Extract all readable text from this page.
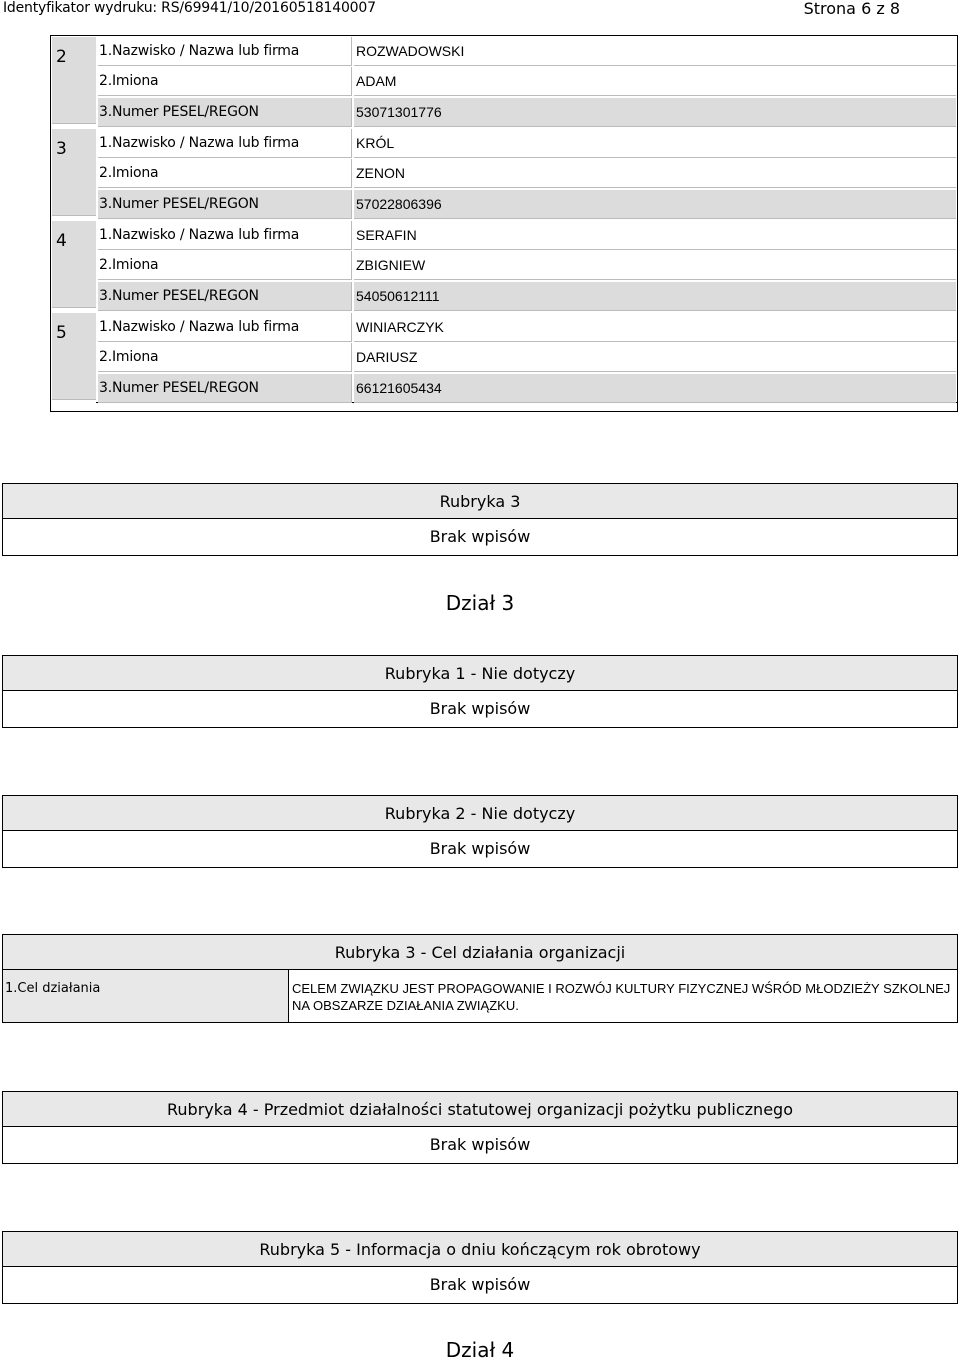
Identyfikator wydruku: RS/69941/10/20160518140007	Strona 6 z 8
2 1.Nazwisko / Nazwa lub firma	ROZWADOWSKI
2.Imiona	ADAM
3.Numer PESEL/REGON	53071301776
3 1.Nazwisko / Nazwa lub firma	KRÓL
2.Imiona	ZENON
3.Numer PESEL/REGON	57022806396
4 1.Nazwisko / Nazwa lub firma	SERAFIN
2.Imiona	ZBIGNIEW
3.Numer PESEL/REGON	54050612111
5 1.Nazwisko / Nazwa lub firma	WINIARCZYK
2.Imiona	DARIUSZ
3.Numer PESEL/REGON	66121605434
Rubryka 3
Brak wpisów
Dział 3
Rubryka 1 - Nie dotyczy
Brak wpisów
Rubryka 2 - Nie dotyczy
Brak wpisów
Rubryka 3 - Cel działania organizacji
1.Cel działania	CELEM ZWIĄZKU JEST PROPAGOWANIE I ROZWÓJ KULTURY FIZYCZNEJ WŚRÓD MŁODZIEŻY SZKOLNEJ NA OBSZARZE DZIAŁANIA ZWIĄZKU.
Rubryka 4 - Przedmiot działalności statutowej organizacji pożytku publicznego
Brak wpisów
Rubryka 5 - Informacja o dniu kończącym rok obrotowy
Brak wpisów
Dział 4
